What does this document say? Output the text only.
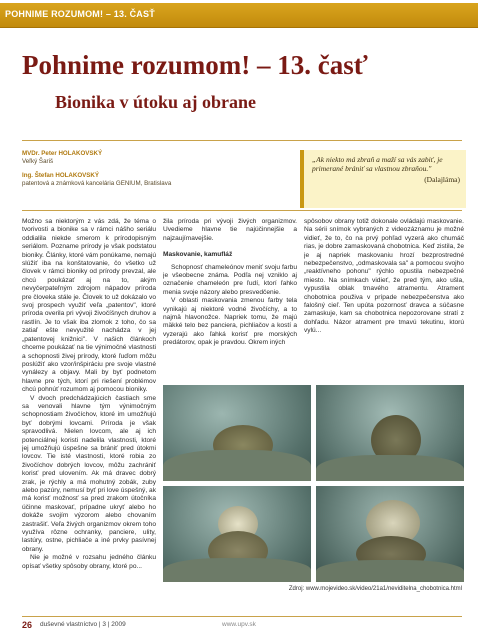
POHNIME ROZUMOM! – 13. ČASŤ
Pohnime rozumom! – 13. časť
Bionika v útoku aj obrane

MVDr. Peter HOLAKOVSKÝ
Veľký Šariš

Ing. Štefan HOLAKOVSKÝ
patentová a známková kancelária GENIUM, Bratislava

„Ak niekto má zbraň a maží sa vás zabiť, je primerané brániť sa vlastnou zbraňou."
(Dalajláma)

Možno sa niektorým z vás zdá, že téma o tvorivosti a bionike sa v rámci nášho seriálu oddialila niekde smerom k prírodopisným seriálom. Pozname prírody je však podstatou bioniky. Články, ktoré vám ponúkame, nemajú slúžiť iba na konštatovanie, čo všetko už človek v rámci bioniky od prírody prevzal, ale chcú poukázať aj na to, akým nevyčerpateľným zdrojom nápadov príroda pre človeka stále je. Človek to už dokázalo vo svoj prospech využiť veľa „patentov", ktoré príroda overila pri vývoji živočíšnych druhov a rastlín. Je to však iba zlomok z toho, čo sa zatiaľ ešte nevyužité nachádza v jej „patentovej knižnici". V našich článkoch chceme poukázať na tie výnimočné vlastnosti a schopnosti živej prírody, ktoré ľuďom môžu poslúžiť ako vzor/inšpiráciu pre svoje vlastné vynálezy a objavy. Mali by byť podnetom hlavne pre tých, ktorí pri riešení problémov chcú pohnúť rozumom aj pomocou bioniky.

V dvoch predchádzajúcich častiach sme sa venovali hlavne tým výnimočným schopnostiam živočíchov, ktoré im umožňujú byť dobrými lovcami. Príroda je však spravodlivá. Nielen lovcom, ale aj ich potenciálnej koristi nadelila vlastnosti, ktoré jej umožňujú úspešne sa brániť pred útokmi lovcov. Tie isté vlastnosti, ktoré robia zo živočíchov dobrých lovcov, môžu zachrániť korisť pred ulovením. Ak má dravec dobrý zrak, je rýchly a má mohutný zobák, zuby alebo pazúry, nemusí byť pri love úspešný, ak má korisť možnosť sa pred zrakom útočníka účinne maskovať, prípadne ukryť alebo ho dokáže svojím výzorom alebo chovaním zastrašiť. Veľa živých organizmov okrem toho využíva rôzne ochranky, panciere, ulity, lastúry, ostne, pichliače a iné prvky pasívnej obrany.

Nie je možné v rozsahu jedného článku opísať všetky spôsoby obrany, ktoré po...

žila príroda pri vývoji živých organizmov. Uvedieme hlavne tie najúčinnejšie a najzaujímavejšie.

Maskovanie, kamufláž

Schopnosť chameleónov meniť svoju farbu je všeobecne známa. Podľa nej vzniklo aj označenie chameleón pre ľudí, ktorí ľahko menia svoje názory alebo presvedčenie.

V oblasti maskovania zmenou farby tela vynikajú aj niektoré vodné živočíchy, a to najmä hlavonožce. Napriek tomu, že majú mäkké telo bez panciera, pichliačov a kostí a vyzerajú ako ľahká korisť pre morských predátorov, opak je pravdou. Okrem iných

spôsobov obrany totiž dokonale ovládajú maskovanie. Na sérii snímok vybraných z videozáznamu je možné vidieť, že to, čo na prvý pohľad vyzerá ako chumáč rias, je dobre zamaskovaná chobotnica. Keď zistila, že je aj napriek maskovaniu hrozí bezprostredné nebezpečenstvo, „odmaskovala sa" a pomocou svojho „reaktívneho pohonu" rýchlo opustila nebezpečné miesto. Na snímkach vidieť, že pred tým, ako ušla, vypustila oblak tmavého atramentu. Atrament chobotnica použiva v prípade nebezpečenstva ako falošný cieľ. Ten upúta pozornosť dravca a súčasne zamaskuje, kam sa chobotnica nepozorovane stratí z dohľadu. Názor atrament pre tmavú tekutinu, ktorú vylú...

Zdroj: www.mojevideo.sk/video/21a1/neviditelna_chobotnica.html
26 duševné vlastníctvo | 3 | 2009	www.upv.sk
